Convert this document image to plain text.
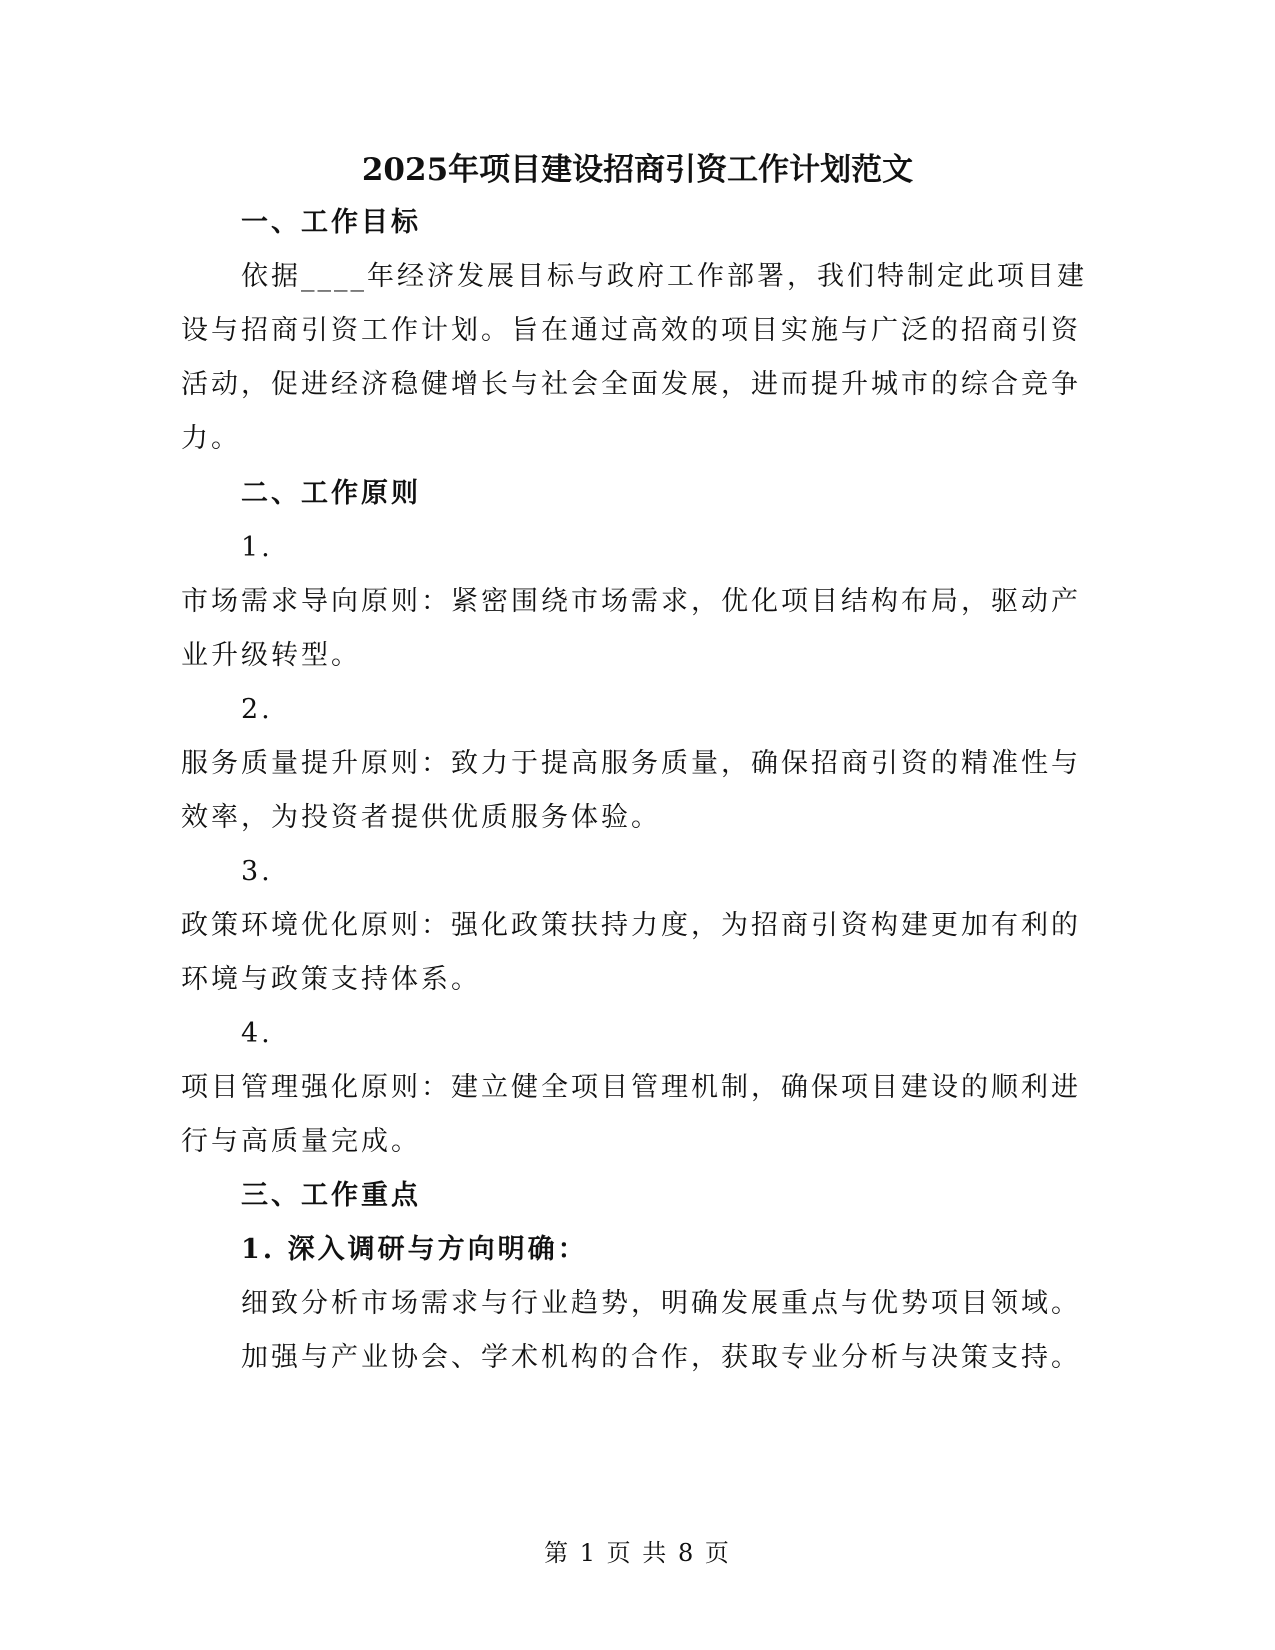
2025年项目建设招商引资工作计划范文
一、工作目标
依据____年经济发展目标与政府工作部署，我们特制定此项目建
设与招商引资工作计划。旨在通过高效的项目实施与广泛的招商引资
活动，促进经济稳健增长与社会全面发展，进而提升城市的综合竞争
力。
二、工作原则
1.
市场需求导向原则：紧密围绕市场需求，优化项目结构布局，驱动产
业升级转型。
2.
服务质量提升原则：致力于提高服务质量，确保招商引资的精准性与
效率，为投资者提供优质服务体验。
3.
政策环境优化原则：强化政策扶持力度，为招商引资构建更加有利的
环境与政策支持体系。
4.
项目管理强化原则：建立健全项目管理机制，确保项目建设的顺利进
行与高质量完成。
三、工作重点
1. 深入调研与方向明确：
细致分析市场需求与行业趋势，明确发展重点与优势项目领域。
加强与产业协会、学术机构的合作，获取专业分析与决策支持。
第 1 页 共 8 页
